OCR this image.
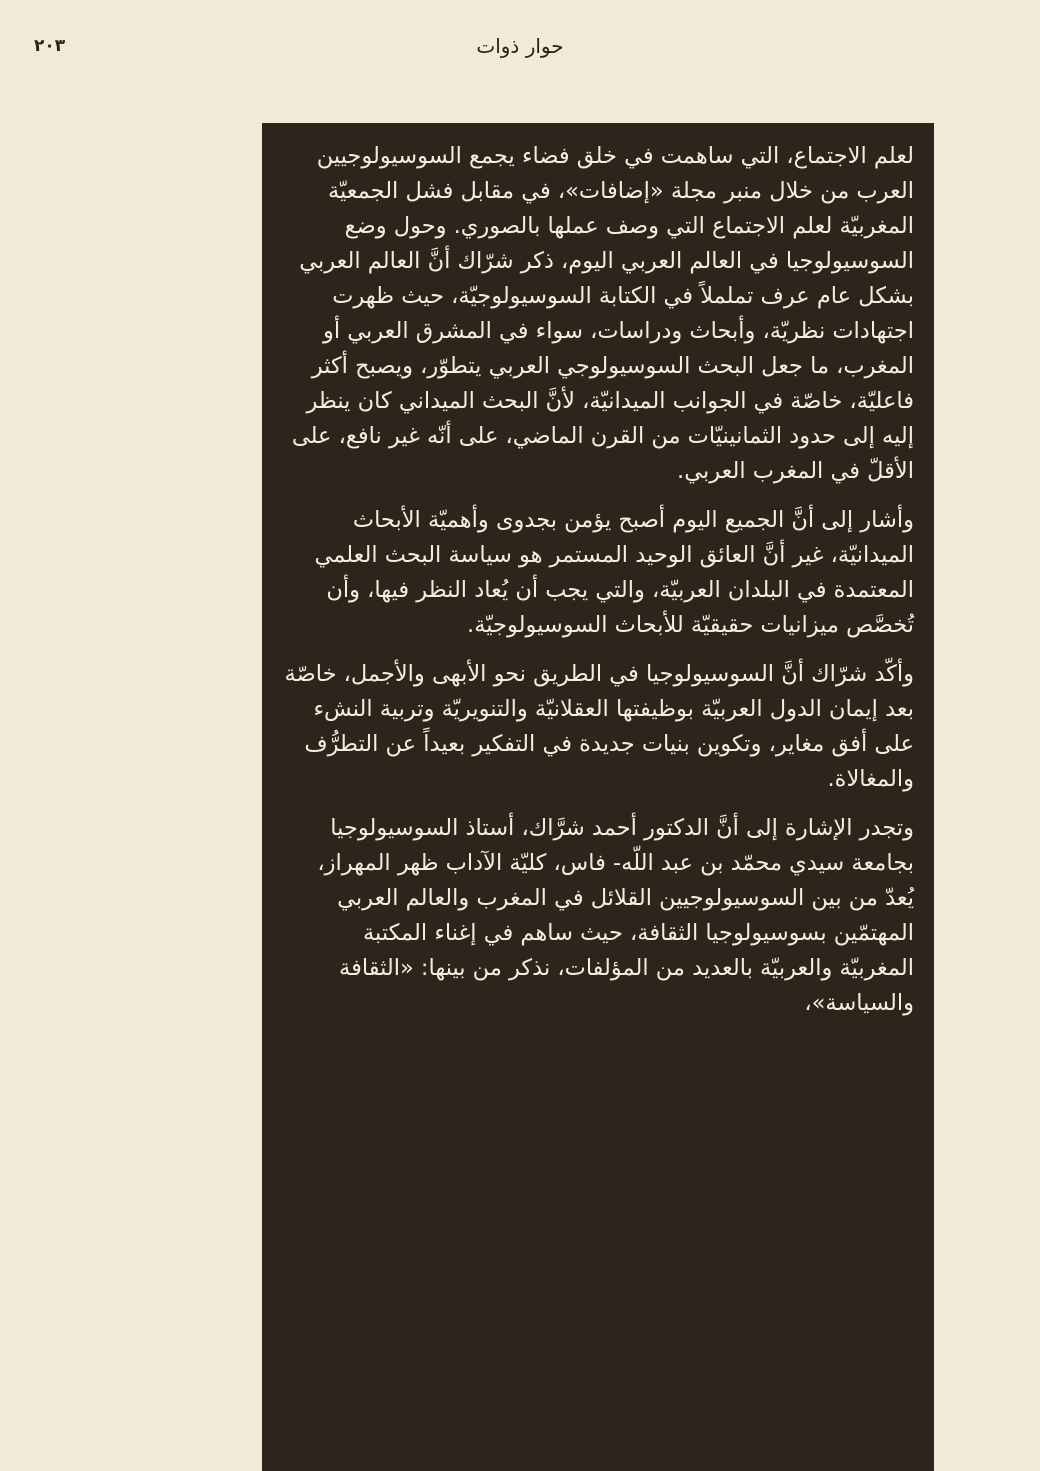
٢٠٣	حوار ذوات

لعلم الاجتماع، التي ساهمت في خلق فضاء يجمع السوسيولوجيين العرب من خلال منبر مجلة «إضافات»، في مقابل فشل الجمعيّة المغربيّة لعلم الاجتماع التي وصف عملها بالصوري. وحول وضع السوسيولوجيا في العالم العربي اليوم، ذكر شرّاك أنَّ العالم العربي بشكل عام عرف تململاً في الكتابة السوسيولوجيّة، حيث ظهرت اجتهادات نظريّة، وأبحاث ودراسات، سواء في المشرق العربي أو المغرب، ما جعل البحث السوسيولوجي العربي يتطوّر، ويصبح أكثر فاعليّة، خاصّة في الجوانب الميدانيّة، لأنَّ البحث الميداني كان ينظر إليه إلى حدود الثمانينيّات من القرن الماضي، على أنّه غير نافع، على الأقلّ في المغرب العربي.

وأشار إلى أنَّ الجميع اليوم أصبح يؤمن بجدوى وأهميّة الأبحاث الميدانيّة، غير أنَّ العائق الوحيد المستمر هو سياسة البحث العلمي المعتمدة في البلدان العربيّة، والتي يجب أن يُعاد النظر فيها، وأن تُخصَّص ميزانيات حقيقيّة للأبحاث السوسيولوجيّة.

وأكّد شرّاك أنَّ السوسيولوجيا في الطريق نحو الأبهى والأجمل، خاصّة بعد إيمان الدول العربيّة بوظيفتها العقلانيّة والتنويريّة وتربية النشء على أفق مغاير، وتكوين بنيات جديدة في التفكير بعيداً عن التطرُّف والمغالاة.

وتجدر الإشارة إلى أنَّ الدكتور أحمد شرَّاك، أستاذ السوسيولوجيا بجامعة سيدي محمّد بن عبد اللّه- فاس، كليّة الآداب ظهر المهراز، يُعدّ من بين السوسيولوجيين القلائل في المغرب والعالم العربي المهتمّين بسوسيولوجيا الثقافة، حيث ساهم في إغناء المكتبة المغربيّة والعربيّة بالعديد من المؤلفات، نذكر من بينها: «الثقافة والسياسة»،
